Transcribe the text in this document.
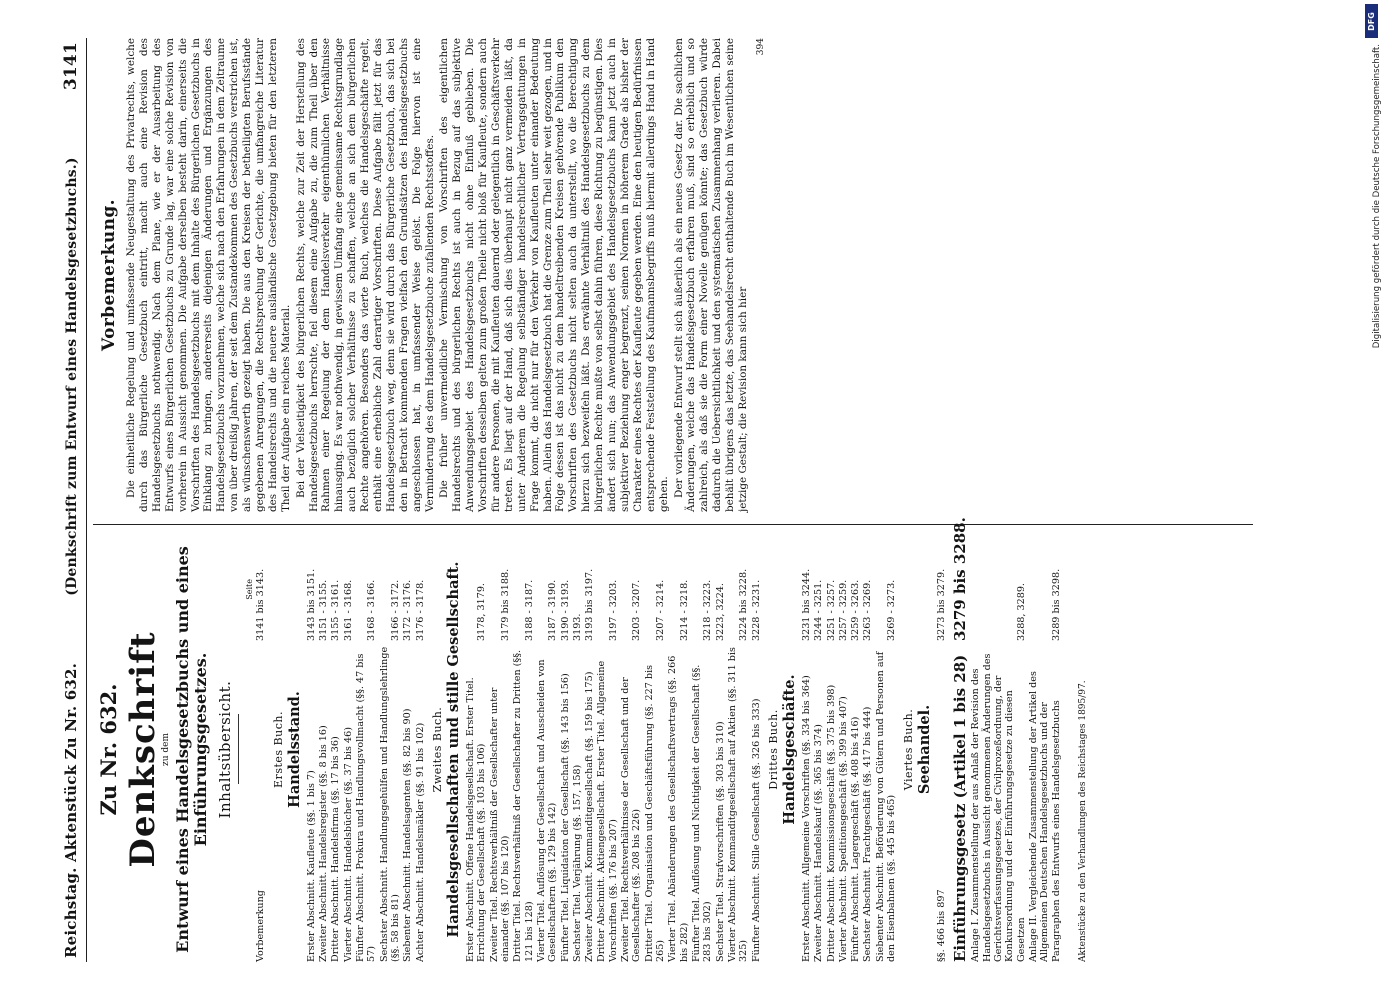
Reichstag. Aktenstück Zu Nr. 632.
(Denkschrift zum Entwurf eines Handelsgesetzbuchs.)
3141
Zu Nr. 632. Denkschrift
zu dem Entwurf eines Handelsgesetzbuchs und eines Einführungsgesetzes. Inhaltsübersicht.
Seite
Vorbemerkung
3141 bis 3143.
Erstes Buch. Handelsstand.
Erster Abschnitt. Kaufleute (§§. 1 bis 7)
3143 bis 3151.
Zweiter Abschnitt. Handelsregister (§§. 8 bis 16)
3151 - 3155.
Dritter Abschnitt. Handelsfirma (§§. 17 bis 36)
3155 - 3161.
Vierter Abschnitt. Handelsbücher (§§. 37 bis 46)
3161 - 3168.
Fünfter Abschnitt. Prokura und Handlungsvollmacht (§§. 47 bis 57)
3168 - 3166.
Sechster Abschnitt. Handlungsgehülfen und Handlungslehrlinge (§§. 58 bis 81)
3166 - 3172.
Siebenter Abschnitt. Handelsagenten (§§. 82 bis 90)
3172 - 3176.
Achter Abschnitt. Handelsmäkler (§§. 91 bis 102)
3176 - 3178.
Zweites Buch. Handelsgesellschaften und stille Gesellschaft. Erster Abschnitt. Offene Handelsgesellschaft. Erster Titel. Errichtung der Gesellschaft (§§. 103 bis 106)
3178, 3179.
Zweiter Titel. Rechtsverhältniß der Gesellschafter unter einander (§§. 107 bis 120)
3179 bis 3188.
Dritter Titel. Rechtsverhältniß der Gesellschafter zu Dritten (§§. 121 bis 128)
3188 - 3187.
Vierter Titel. Auflösung der Gesellschaft und Ausscheiden von Gesellschaftern (§§. 129 bis 142)
3187 - 3190.
Fünfter Titel. Liquidation der Gesellschaft (§§. 143 bis 156)
3190 - 3193.
Sechster Titel. Verjährung (§§. 157, 158)
3193.
Zweiter Abschnitt. Kommanditgesellschaft (§§. 159 bis 175)
3193 bis 3197.
Dritter Abschnitt. Aktiengesellschaft. Erster Titel. Allgemeine Vorschriften (§§. 176 bis 207)
3197 - 3203.
Zweiter Titel. Rechtsverhältnisse der Gesellschaft und der Gesellschafter (§§. 208 bis 226)
3203 - 3207.
Dritter Titel. Organisation und Geschäftsführung (§§. 227 bis 265)
3207 - 3214.
Vierter Titel. Abänderungen des Gesellschaftsvertrags (§§. 266 bis 282)
3214 - 3218.
Fünfter Titel. Auflösung und Nichtigkeit der Gesellschaft (§§. 283 bis 302)
3218 - 3223.
Sechster Titel. Strafvorschriften (§§. 303 bis 310)
3223, 3224.
Vierter Abschnitt. Kommanditgesellschaft auf Aktien (§§. 311 bis 325)
3224 bis 3228.
Fünfter Abschnitt. Stille Gesellschaft (§§. 326 bis 333)
3228 - 3231.
Drittes Buch. Handelsgeschäfte. Erster Abschnitt. Allgemeine Vorschriften (§§. 334 bis 364)
3231 bis 3244.
Zweiter Abschnitt. Handelskauf (§§. 365 bis 374)
3244 - 3251.
Dritter Abschnitt. Kommissionsgeschäft (§§. 375 bis 398)
3251 - 3257.
Vierter Abschnitt. Speditionsgeschäft (§§. 399 bis 407)
3257 - 3259.
Fünfter Abschnitt. Lagergeschäft (§§. 408 bis 416)
3259 - 3263.
Sechster Abschnitt. Frachtgeschäft (§§. 417 bis 444)
3263 - 3269.
Siebenter Abschnitt. Beförderung von Gütern und Personen auf den Eisenbahnen (§§. 445 bis 465)
3269 - 3273.
Viertes Buch. Seehandel.
§§. 466 bis 897
3273 bis 3279.
Einführungsgesetz (Artikel 1 bis 28)
3279 bis 3288.
Anlage I. Zusammenstellung der aus Anlaß der Revision des Handelsgesetzbuchs in Aussicht genommenen Änderungen des Gerichtsverfassungsgesetzes, der Civilprozeßordnung, der Konkursordnung und der Einführungsgesetze zu diesen Gesetzen
3288, 3289.
Anlage II. Vergleichende Zusammenstellung der Artikel des Allgemeinen Deutschen Handelsgesetzbuchs und der Paragraphen des Entwurfs eines Handelsgesetzbuchs
3289 bis 3298.
Aktenstücke zu den Verhandlungen des Reichstages 1895/97.
Vorbemerkung. Die einheitliche Regelung und umfassende Neugestaltung des Privatrechts, welche durch das Bürgerliche Gesetzbuch eintritt, macht auch eine Revision des Handelsgesetzbuchs nothwendig. Nach dem Plane, wie er der Ausarbeitung des Entwurfs eines Bürgerlichen Gesetzbuchs zu Grunde lag, war eine solche Revision von vorherein in Aussicht genommen. Die Aufgabe derselben besteht darin, einerseits die Vorschriften des Handelsgesetzbuchs mit dem Inhalte des Bürgerlichen Gesetzbuchs in Einklang zu bringen, andererseits diejenigen Änderungen und Ergänzungen des Handelsgesetzbuchs vorzunehmen, welche sich nach den Erfahrungen in dem Zeitraume von über dreißig Jahren, der seit dem Zustandekommen des Gesetzbuchs verstrichen ist, als wünschenswerth gezeigt haben. Die aus den Kreisen der betheiligten Berufsstände gegebenen Anregungen, die Rechtsprechung der Gerichte, die umfangreiche Literatur des Handelsrechts und die neuere ausländische Gesetzgebung bieten für den letzteren Theil der Aufgabe ein reiches Material. Bei der Vielseitigkeit des bürgerlichen Rechts, welche zur Zeit der Herstellung des Handelsgesetzbuchs herrschte, fiel diesem eine Aufgabe zu, die zum Theil über den Rahmen einer Regelung der dem Handelsverkehr eigenthümlichen Verhältnisse hinausging. Es war nothwendig, in gewissem Umfang eine gemeinsame Rechtsgrundlage auch bezüglich solcher Verhältnisse zu schaffen, welche an sich dem bürgerlichen Rechte angehören. Besonders das vierte Buch, welches die Handelsgeschäfte regelt, enthält eine erhebliche Zahl derartiger Vorschriften. Diese Aufgabe fällt jetzt für das Handelsgesetzbuch weg, denn sie wird durch das Bürgerliche Gesetzbuch, das sich bei den in Betracht kommenden Fragen vielfach den Grundsätzen des Handelsgesetzbuchs angeschlossen hat, in umfassender Weise gelöst. Die Folge hiervon ist eine Verminderung des dem Handelsgesetzbuche zufallenden Rechtsstoffes. Die früher unvermeidliche Vermischung von Vorschriften des eigentlichen Handelsrechts und des bürgerlichen Rechts ist auch in Bezug auf das subjektive Anwendungsgebiet des Handelsgesetzbuchs nicht ohne Einfluß geblieben. Die Vorschriften desselben gelten zum großen Theile nicht bloß für Kaufleute, sondern auch für andere Personen, die mit Kaufleuten dauernd oder gelegentlich in Geschäftsverkehr treten. Es liegt auf der Hand, daß sich dies überhaupt nicht ganz vermeiden läßt, da unter Anderem die Regelung selbständiger handelsrechtlicher Vertragsgattungen in Frage kommt, die nicht nur für den Verkehr von Kaufleuten unter einander Bedeutung haben. Allein das Handelsgesetzbuch hat die Grenze zum Theil sehr weit gezogen, und in Folge dessen ist das nicht zu dem handeltreibenden Kreisen gehörende Publikum den Vorschriften des Gesetzbuchs nicht selten auch da unterstellt, wo die Berechtigung hierzu sich bezweifeln läßt. Das erwähnte Verhältniß des Handelsgesetzbuchs zu dem bürgerlichen Rechte mußte von selbst dahin führen, diese Richtung zu begünstigen. Dies ändert sich nun; das Anwendungsgebiet des Handelsgesetzbuchs kann jetzt auch in subjektiver Beziehung enger begrenzt, seinen Normen in höherem Grade als bisher der Charakter eines Rechtes der Kaufleute gegeben werden. Eine den heutigen Bedürfnissen entsprechende Feststellung des Kaufmannsbegriffs muß hiermit allerdings Hand in Hand gehen. Der vorliegende Entwurf stellt sich äußerlich als ein neues Gesetz dar. Die sachlichen Änderungen, welche das Handelsgesetzbuch erfahren muß, sind so erheblich und so zahlreich, als daß sie die Form einer Novelle genügen könnte; das Gesetzbuch würde dadurch die Uebersichtlichkeit und den systematischen Zusammenhang verlieren. Dabei behält übrigens das letzte, das Seehandelsrecht enthaltende Buch im Wesentlichen seine jetzige Gestalt; die Revision kann sich hier

394
DFG
Digitalisierung gefördert durch die Deutsche Forschungsgemeinschaft.
